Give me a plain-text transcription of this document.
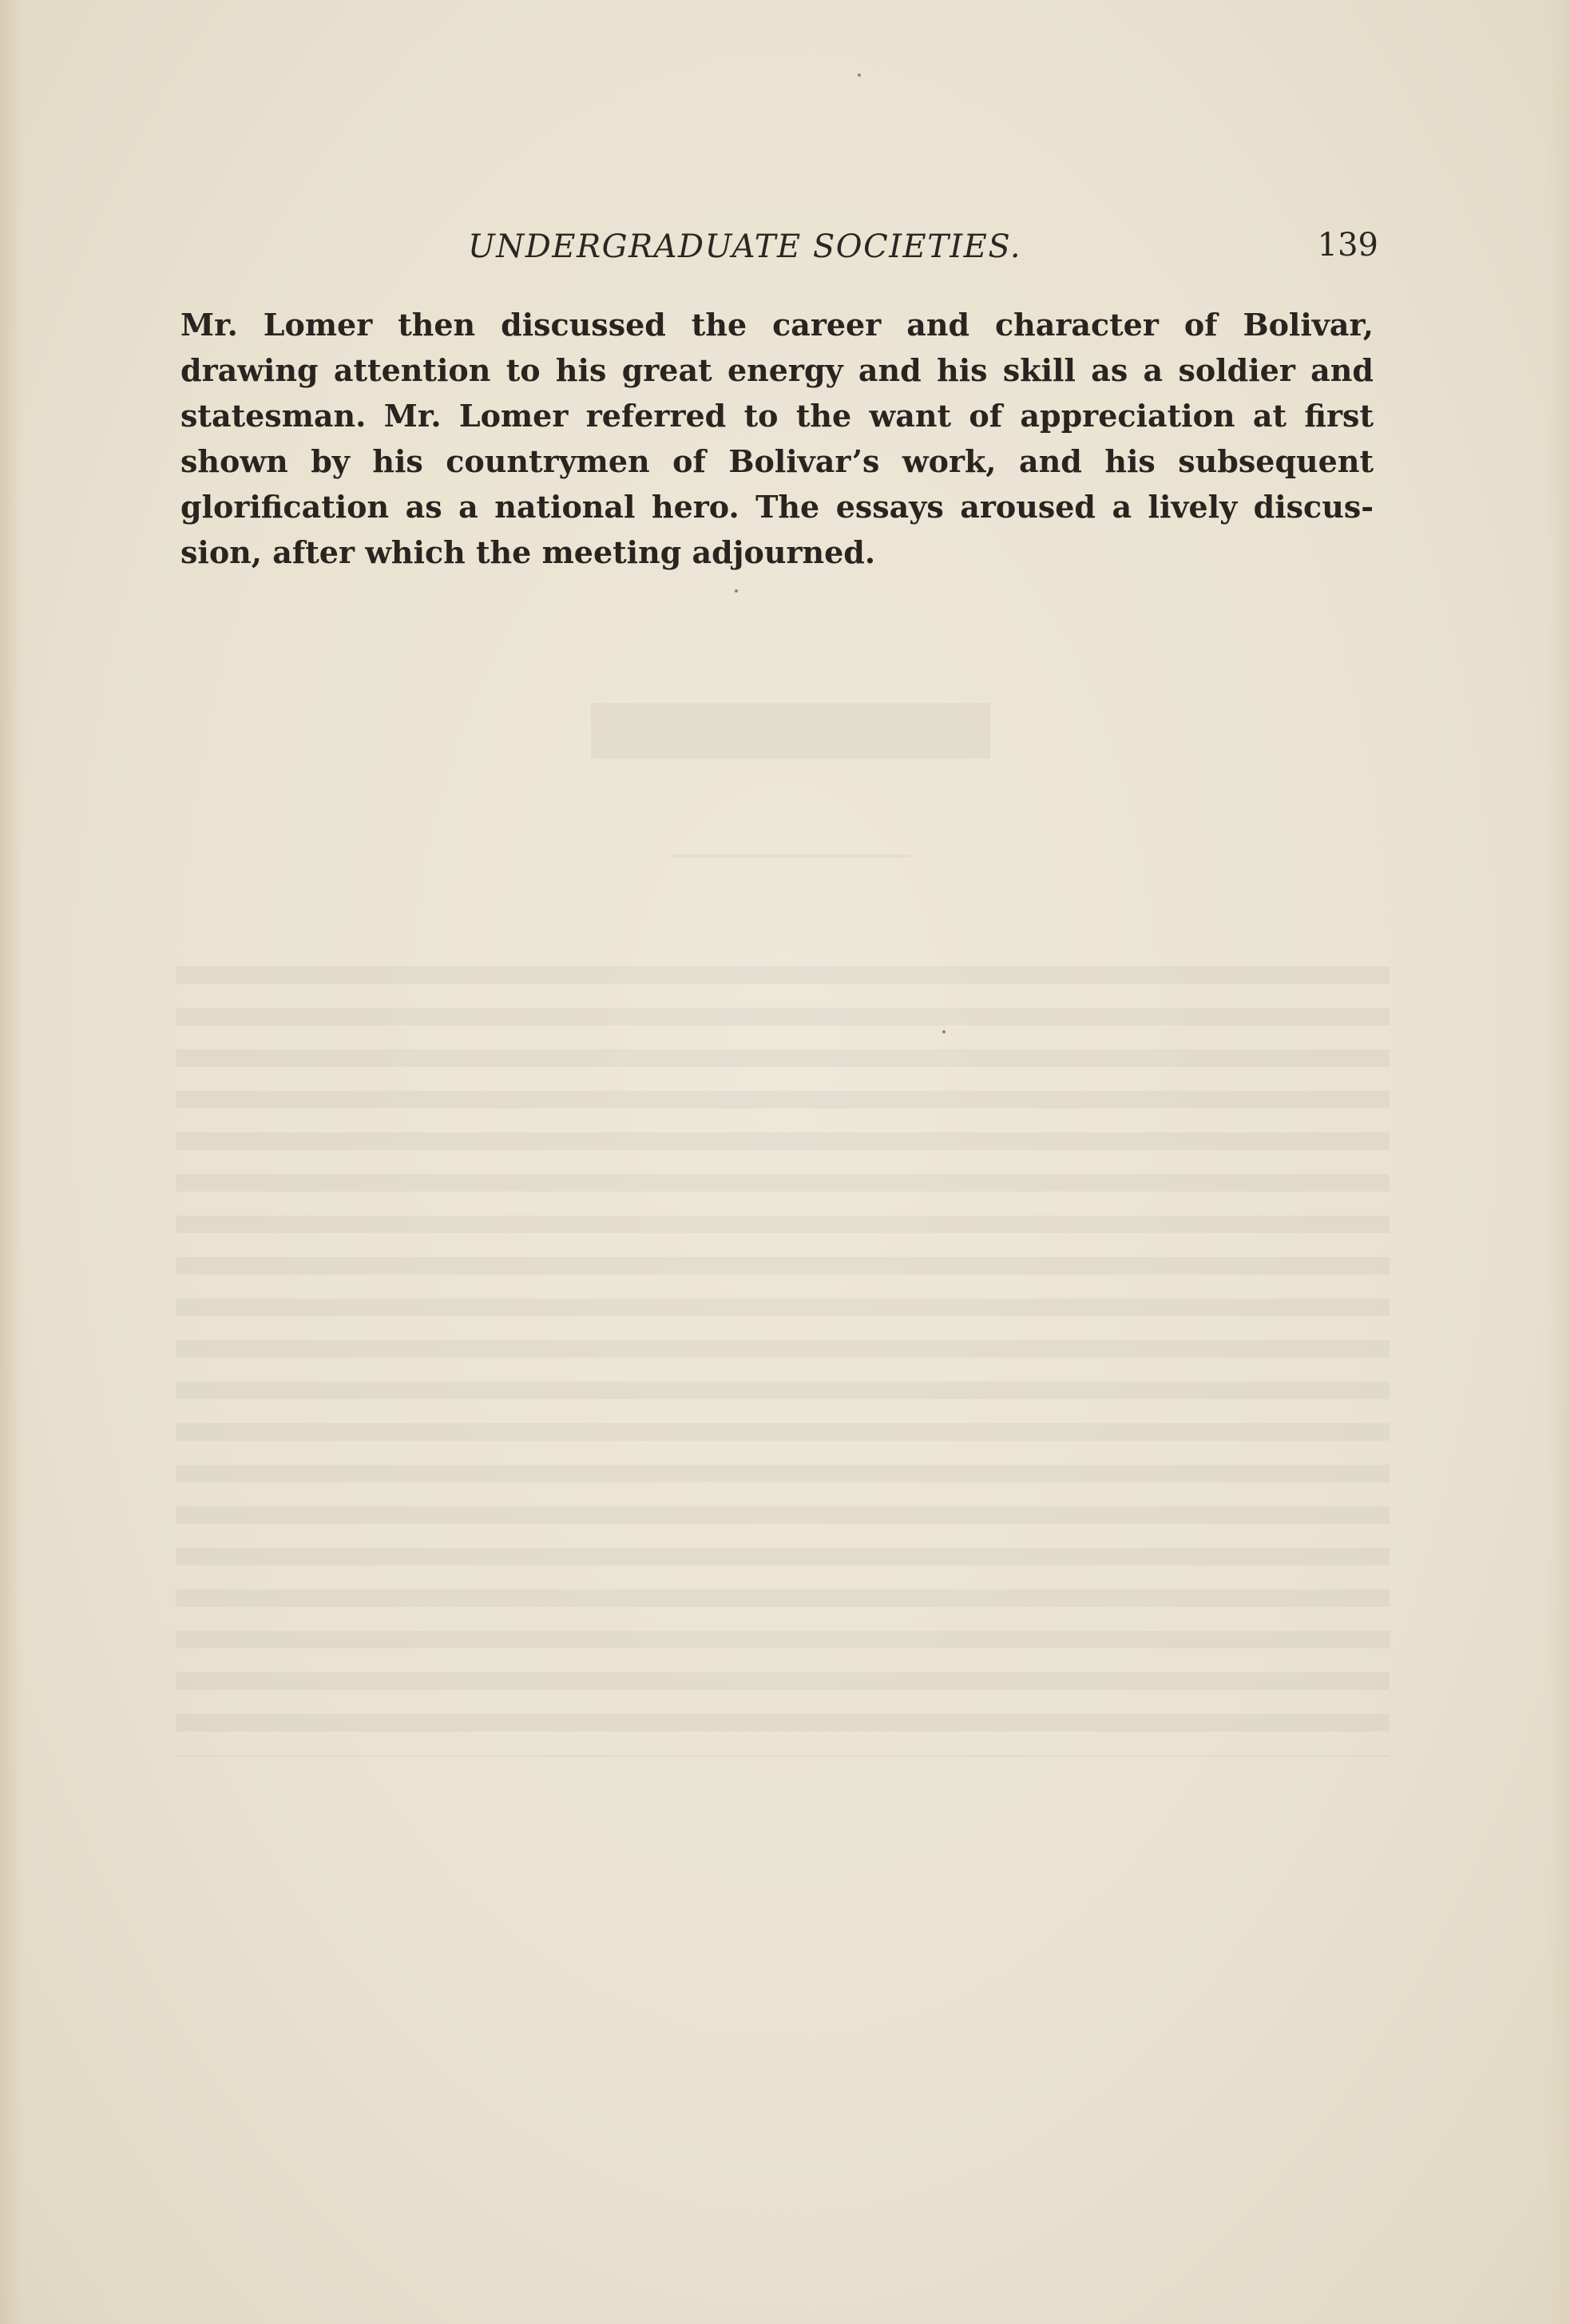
UNDERGRADUATE SOCIETIES.	139
Mr. Lomer then discussed the career and character of Bolivar,
drawing attention to his great energy and his skill as a soldier and
statesman. Mr. Lomer referred to the want of appreciation at first
shown by his countrymen of Bolivar’s work, and his subsequent
glorification as a national hero. The essays aroused a lively discus-
sion, after which the meeting adjourned.
